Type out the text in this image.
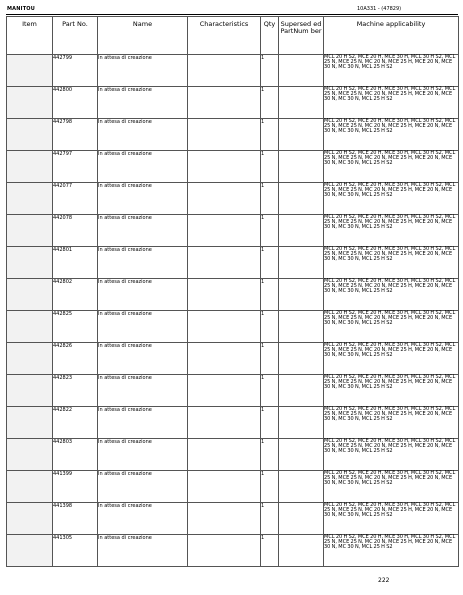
MANITOU	10A331 - (47829)
Item	Part No.	Name	Characteristics	Qty	Supersed ed PartNum ber	Machine applicability
	442799	In attesa di creazione		1		MCL 20 H S2, MCE 20 H, MCE 30 H, MCL 30 H S2, MCL 25 N, MCE 25 N, MC 20 N, MCE 25 H, MCE 20 N, MCE 30 N, MC 30 N, MCL 25 H S2
	442800	In attesa di creazione		1		MCL 20 H S2, MCE 20 H, MCE 30 H, MCL 30 H S2, MCL 25 N, MCE 25 N, MC 20 N, MCE 25 H, MCE 20 N, MCE 30 N, MC 30 N, MCL 25 H S2
	442798	In attesa di creazione		1		MCL 20 H S2, MCE 20 H, MCE 30 H, MCL 30 H S2, MCL 25 N, MCE 25 N, MC 20 N, MCE 25 H, MCE 20 N, MCE 30 N, MC 30 N, MCL 25 H S2
	442797	In attesa di creazione		1		MCL 20 H S2, MCE 20 H, MCE 30 H, MCL 30 H S2, MCL 25 N, MCE 25 N, MC 20 N, MCE 25 H, MCE 20 N, MCE 30 N, MC 30 N, MCL 25 H S2
	442077	In attesa di creazione		1		MCL 20 H S2, MCE 20 H, MCE 30 H, MCL 30 H S2, MCL 25 N, MCE 25 N, MC 20 N, MCE 25 H, MCE 20 N, MCE 30 N, MC 30 N, MCL 25 H S2
	442078	In attesa di creazione		1		MCL 20 H S2, MCE 20 H, MCE 30 H, MCL 30 H S2, MCL 25 N, MCE 25 N, MC 20 N, MCE 25 H, MCE 20 N, MCE 30 N, MC 30 N, MCL 25 H S2
	442801	In attesa di creazione		1		MCL 20 H S2, MCE 20 H, MCE 30 H, MCL 30 H S2, MCL 25 N, MCE 25 N, MC 20 N, MCE 25 H, MCE 20 N, MCE 30 N, MC 30 N, MCL 25 H S2
	442802	In attesa di creazione		1		MCL 20 H S2, MCE 20 H, MCE 30 H, MCL 30 H S2, MCL 25 N, MCE 25 N, MC 20 N, MCE 25 H, MCE 20 N, MCE 30 N, MC 30 N, MCL 25 H S2
	442825	In attesa di creazione		1		MCL 20 H S2, MCE 20 H, MCE 30 H, MCL 30 H S2, MCL 25 N, MCE 25 N, MC 20 N, MCE 25 H, MCE 20 N, MCE 30 N, MC 30 N, MCL 25 H S2
	442826	In attesa di creazione		1		MCL 20 H S2, MCE 20 H, MCE 30 H, MCL 30 H S2, MCL 25 N, MCE 25 N, MC 20 N, MCE 25 H, MCE 20 N, MCE 30 N, MC 30 N, MCL 25 H S2
	442823	In attesa di creazione		1		MCL 20 H S2, MCE 20 H, MCE 30 H, MCL 30 H S2, MCL 25 N, MCE 25 N, MC 20 N, MCE 25 H, MCE 20 N, MCE 30 N, MC 30 N, MCL 25 H S2
	442822	In attesa di creazione		1		MCL 20 H S2, MCE 20 H, MCE 30 H, MCL 30 H S2, MCL 25 N, MCE 25 N, MC 20 N, MCE 25 H, MCE 20 N, MCE 30 N, MC 30 N, MCL 25 H S2
	442803	In attesa di creazione		1		MCL 20 H S2, MCE 20 H, MCE 30 H, MCL 30 H S2, MCL 25 N, MCE 25 N, MC 20 N, MCE 25 H, MCE 20 N, MCE 30 N, MC 30 N, MCL 25 H S2
	441399	In attesa di creazione		1		MCL 20 H S2, MCE 20 H, MCE 30 H, MCL 30 H S2, MCL 25 N, MCE 25 N, MC 20 N, MCE 25 H, MCE 20 N, MCE 30 N, MC 30 N, MCL 25 H S2
	441398	In attesa di creazione		1		MCL 20 H S2, MCE 20 H, MCE 30 H, MCL 30 H S2, MCL 25 N, MCE 25 N, MC 20 N, MCE 25 H, MCE 20 N, MCE 30 N, MC 30 N, MCL 25 H S2
	441305	In attesa di creazione		1		MCL 20 H S2, MCE 20 H, MCE 30 H, MCL 30 H S2, MCL 25 N, MCE 25 N, MC 20 N, MCE 25 H, MCE 20 N, MCE 30 N, MC 30 N, MCL 25 H S2
222
